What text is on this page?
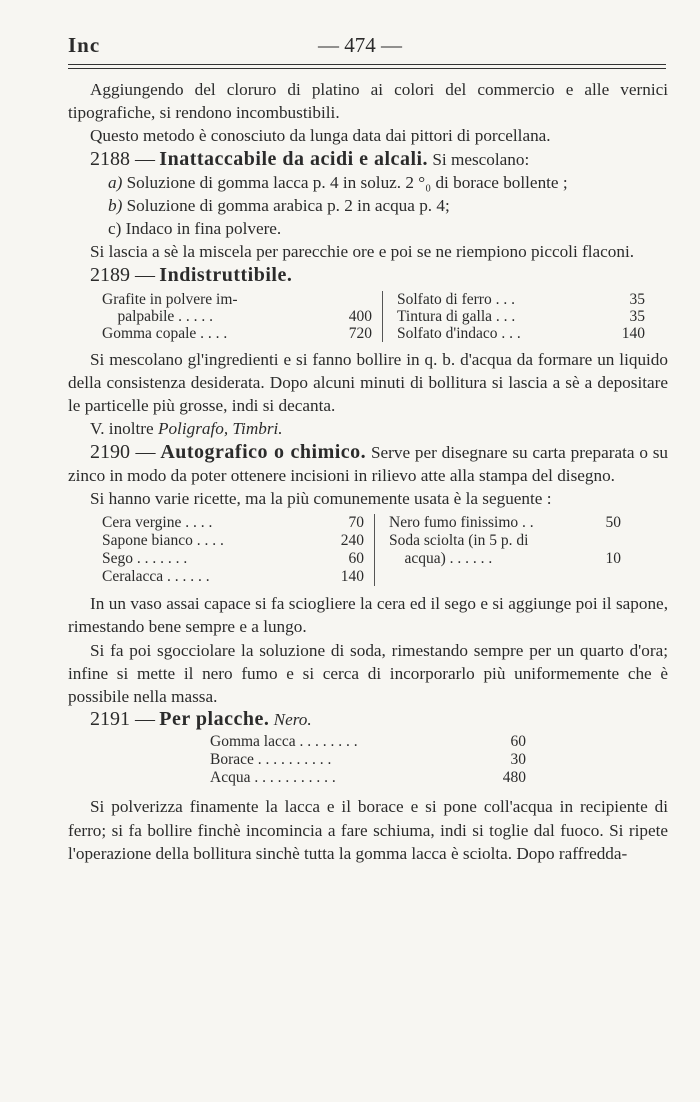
Inc	— 474 —

Aggiungendo del cloruro di platino ai colori del commercio e alle vernici tipografiche, si rendono incombustibili.

Questo metodo è conosciuto da lunga data dai pittori di porcellana.

2188 — Inattaccabile da acidi e alcali. Si mescolano:

a) Soluzione di gomma lacca p. 4 in soluz. 2 °₀ di borace bollente ;

b) Soluzione di gomma arabica p. 2 in acqua p. 4;

c) Indaco in fina polvere.

Si lascia a sè la miscela per parecchie ore e poi se ne riempiono piccoli flaconi.

2189 — Indistruttibile.

Grafite in polvere im-
palpabile . . . . .	400
Gomma copale . . . .	720
Solfato di ferro . . .	35
Tintura di galla . . .	35
Solfato d'indaco . . .	140

Si mescolano gl'ingredienti e si fanno bollire in q. b. d'acqua da formare un liquido della consistenza desiderata. Dopo alcuni minuti di bollitura si lascia a sè a depositare le particelle più grosse, indi si decanta.

V. inoltre Poligrafo, Timbri.

2190 — Autografico o chimico. Serve per disegnare su carta preparata o su zinco in modo da poter ottenere incisioni in rilievo atte alla stampa del disegno.

Si hanno varie ricette, ma la più comunemente usata è la seguente :

Cera vergine . . . .	70
Sapone bianco . . . .	240
Sego . . . . . . .	60
Ceralacca . . . . . .	140
Nero fumo finissimo . .	50
Soda sciolta (in 5 p. di
acqua) . . . . . .	10

In un vaso assai capace si fa sciogliere la cera ed il sego e si aggiunge poi il sapone, rimestando bene sempre e a lungo.

Si fa poi sgocciolare la soluzione di soda, rimestando sempre per un quarto d'ora; infine si mette il nero fumo e si cerca di incorporarlo più uniformemente che è possibile nella massa.

2191 — Per placche. Nero.

Gomma lacca . . . . . . . .	60
Borace . . . . . . . . . .	30
Acqua . . . . . . . . . . .	480

Si polverizza finamente la lacca e il borace e si pone coll'acqua in recipiente di ferro; si fa bollire finchè incomincia a fare schiuma, indi si toglie dal fuoco. Si ripete l'operazione della bollitura sinchè tutta la gomma lacca è sciolta. Dopo raffredda-
